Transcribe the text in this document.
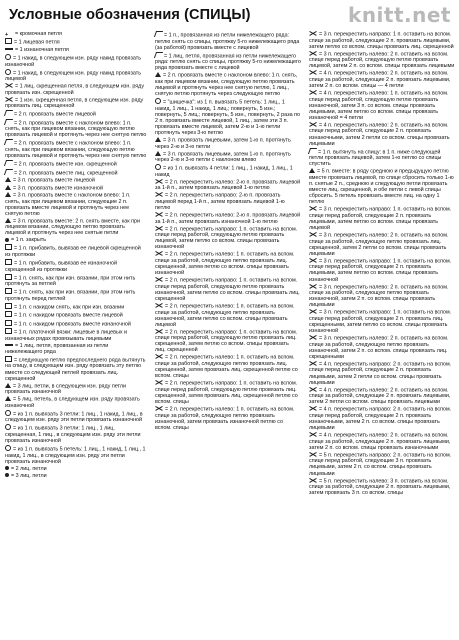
Условные обозначения (СПИЦЫ)	knitt.net
+ = кромочная петля
= 1 лицевая петля
= 1 изнаночная петля
= 1 накид, в следующем изн. ряду накид провязать изнаночной
= 1 накид, в следующем изн. ряду накид провязать лицевой
= 1 лиц. скрещенная петля, в следующем изн. ряду провязать изн. скрещенной
= 1 изн. скрещенная петля, в следующем изн. ряду провязать лиц. скрещенной
= 2 п. провязать вместе лицевой
= 2 п. провязать вместе с наклоном влево: 1 п. снять, как при лицевом вязании, следующую петлю провязать лицевой и протянуть через нее снятую петлю
= 2 п. провязать вместе с наклоном влево: 1 п. снять, как при лицевом вязании, следующую петлю провязать лицевой и протянуть через нее снятую петлю
= 2 п. провязать вместе изн. скрещенной
= 2 п. провязать вместе лиц. скрещенной
= 3 п. провязать вместе лицевой
= 3 п. провязать вместе изнаночной
= 3 п. провязать вместе с наклоном влево: 1 п. снять, как при лицевом вязании, следующие 2 п. провязать вместе лицевой и протянуть через нее снятую петлю
= 3 п. провязать вместе: 2 п. снять вместе, как при лицевом вязании, следующую петлю провязать лицевой и протянуть через нее снятые петли
= 1 п. закрыть
= 1 п. прибавить, вывязав ее лицевой скрещенной из протяжки
= 1 п. прибавить, вывязав ее изнаночной скрещенной из протяжки
= 1 п. снять, как при изн. вязании, при этом нить протянуть за петлей
= 1 п. снять, как при изн. вязании, при этом нить протянуть перед петлей
= 1 п. с накидом снять, как при изн. вязании
= 1 п. с накидом провязать вместе лицевой
= 1 п. с накидом провязать вместе изнаночной
= 1 п. платочной вязки: лицевые в лицевых и изнаночных рядах провязывать лицевыми
= 1 лиц. петля, провязанная из петли нижележащего ряда
= следующую петлю предпоследнего ряда вытянуть на спицу, в следующем изн. ряду провязать эту петлю вместе со следующей петлей провязать лиц. скрещенной
= 3 лиц. петли, в следующем изн. ряду петли провязать изнаночной
= 5 лиц. петель, в следующем изн. ряду провязать изнаночной
= из 1 п. вывязать 3 петли: 1 лиц., 1 накид, 1 лиц., в следующем изн. ряду эти петли провязать изнаночной
= из 1 п. вывязать 3 петли: 1 лиц., 1 лиц. скрещенная, 1 лиц., в следующем изн. ряду эти петли провязать изнаночной
= из 1 п. вывязать 5 петель: 1 лиц., 1 накид, 1 лиц., 1 накид, 1 лиц., в следующем изн. ряду эти петли провязать изнаночной
= 2 лиц. петли
= 3 лиц. петли
= 1 п., провязанная из петли нижележащего ряда: петлю снять со спицы, протяжку 5-го нижележащего ряда (за работой) провязать вместе с лицевой
= 1 лиц. петля, провязанная из петли нижележащего ряда: петлю снять со спицы, протяжку 5-го нижележащего ряда провязать вместе с лицевой
= 2 п. провязать вместе с наклоном влево: 1 п. снять, как при лицевом вязании, следующую петлю провязать лицевой и протянуть через нее снятую петлю, 1 лиц., снятую петлю протянуть через следующую петлю
= "шишечка": из 1 п. вывязать 5 петель: 1 лиц., 1 накид, 1 лиц., 1 накид, 1 лиц.; повернуть, 5 изн.; повернуть, 5 лиц.; повернуть, 5 изн., повернуть, 2 раза по 2 п. провязать вместе лицевой, 1 лиц., затем эти 3 п. провязать вместе лицевой, затем 2-ю и 1-ю петли протянуть через 3-ю петлю
= 3 п. провязать лицевыми, затем 1-ю п. протянуть через 2-ю и 3-ю петли
= 3 п. провязать лицевыми, затем 1-ю п. протянуть через 2-ю и 3-ю петли с наклоном влево
= из 1 п. вывязать 4 петли: 1 лиц., 1 накид, 1 лиц., 1 накид
= 2 п. перекрестить налево: 2-ю п. провязать лицевой за 1-й п., затем провязать лицевой 1-ю петлю
= 2 п. перекрестить направо: 2-ю п. провязать лицевой перед 1-й п., затем провязать лицевой 1-ю петлю
= 2 п. перекрестить налево: 2-ю п. провязать лицевой за 1-й п., затем провязать изнаночной 1-ю петлю
= 2 п. перекрестить направо: 1 п. оставить на вспом. спице перед работой, следующую петлю провязать лицевой, затем петлю со вспом. спицы провязать изнаночной
= 2 п. перекрестить налево: 1 п. оставить на вспом. спице за работой, следующую петлю провязать лиц. скрещенной, затем петлю со вспом. спицы провязать изнаночной
= 2 п. перекрестить направо: 1 п. оставить на вспом. спице перед работой, следующую петлю провязать изнаночной, затем петлю со вспом. спицы провязать лиц. скрещенной
= 2 п. перекрестить налево: 1 п. оставить на вспом. спице за работой, следующую петлю провязать изнаночной, затем петлю со вспом. спицы провязать лицевой
= 2 п. перекрестить направо: 1 п. оставить на вспом. спице перед работой, следующую петлю провязать лиц. скрещенной, затем петлю со вспом. спицы провязать лиц. скрещенной
= 2 п. перекрестить налево: 1 п. оставить на вспом. спице за работой, следующую петлю провязать лиц. скрещенной, затем провязать лиц. скрещенной петлю со вспом. спицы
= 2 п. перекрестить направо: 1 п. оставить на вспом. спице перед работой, следующую петлю провязать лиц. скрещенной, затем провязать лиц. скрещенной петлю со вспом. спицы
= 2 п. перекрестить налево: 1 п. оставить на вспом. спице за работой, следующую петлю провязать изнаночной, затем провязать изнаночной петлю со вспом. спицы
= 3 п. перекрестить направо: 1 п. оставить на вспом. спице за работой, следующие 2 п. провязать лицевыми, затем петлю со вспом. спицы провязать лиц. скрещенной
= 3 п. перекрестить налево: 2 п. оставить на вспом. спице перед работой, следующую петлю провязать лицевой, затем 2 п. со вспом. спицы провязать лицевыми
= 4 п. перекрестить налево: 2 п. оставить на вспом. спице за работой, следующие 2 п. провязать лицевыми, затем 2 п. со вспом. спицы — 4 петли
= 4 п. перекрестить налево: 1 п. оставить на вспом. спице перед работой, следующую петлю провязать изнаночной, затем 3 п. со вспом. спицы провязать лицевыми, затем петлю со вспом. спицы провязать изнаночной = 4 петли
= 4 п. перекрестить налево: 2 п. оставить на вспом. спице перед работой, следующие 2 п. провязать изнаночными, затем 2 петли со вспом. спицы провязать лицевыми
= 1 п. вытянуть на спицу: в 1 п. ниже следующей петли провязать лицевой, затем 1-ю петлю со спицы спустить
= 5 п. вместе: в ряду среднюю и предыдущую петлю вместе провязать лицевой, по спице сбросить только 1-ю п. снятые 2 п., среднюю и следующую петли провязать вместе лиц. скрещенной, и обе петли с левой спицы сбросить. 5 петель провязать вместе лиц. на одну 1 петлю
= 3 п. перекрестить направо: 1 п. оставить на вспом. спице перед работой, следующие 2 п. провязать лицевыми, затем петлю со вспом. спицы провязать лицевой
= 3 п. перекрестить налево: 2 п. оставить на вспом. спице за работой, следующую петлю провязать лиц. скрещенной, затем 2 петли со вспом. спицы провязать лицевыми
= 3 п. перекрестить направо: 1 п. оставить на вспом. спице перед работой, следующие 2 п. провязать лицевыми, затем петлю со вспом. спицы провязать изнаночной
= 3 п. перекрестить налево: 2 п. оставить на вспом. спице за работой, следующую петлю провязать изнаночной, затем 2 п. со вспом. спицы провязать лицевыми
= 3 п. перекрестить направо: 1 п. оставить на вспом. спице перед работой, следующие 2 п. провязать лиц. скрещенными, затем петлю со вспом. спицы провязать изнаночной
= 3 п. перекрестить налево: 2 п. оставить на вспом. спице за работой, следующую петлю провязать изнаночной, затем 2 п. со вспом. спицы провязать лиц. скрещенными
= 4 п. перекрестить направо: 2 п. оставить на вспом. спице перед работой, следующие 2 п. провязать лицевыми, затем 2 петли со вспом. спицы провязать лицевыми
= 4 п. перекрестить налево: 2 п. оставить на вспом. спице за работой, следующие 2 п. провязать лицевыми, затем 2 петли со вспом. спицы провязать лицевыми
= 4 п. перекрестить направо: 2 п. оставить на вспом. спице перед работой, следующие 2 п. провязать изнаночными, затем 2 п. со вспом. спицы провязать лицевыми
= 4 п. перекрестить налево: 2 п. оставить на вспом. спице за работой, следующие 2 п. провязать лицевыми, затем 2 п. со вспом. спицы провязать изнаночными
= 5 п. перекрестить направо: 2 п. оставить на вспом. спице перед работой, следующие 3 п. провязать лицевыми, затем 2 п. со вспом. спицы провязать лицевыми
= 5 п. перекрестить налево: 3 п. оставить на вспом. спице за работой, следующие 2 п. провязать лицевыми, затем провязать 3 п. со вспом. спицы
